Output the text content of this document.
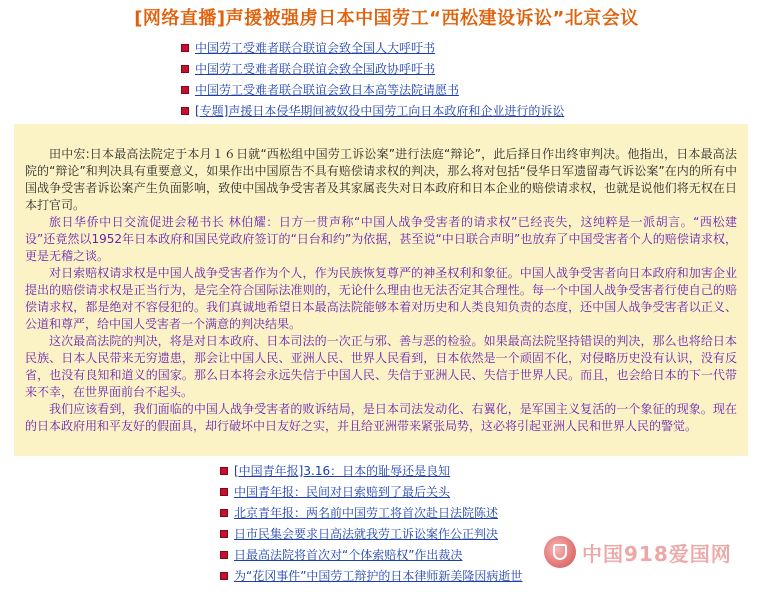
[网络直播]声援被强虏日本中国劳工“西松建设诉讼”北京会议
中国劳工受难者联合联谊会致全国人大呼吁书
中国劳工受难者联合联谊会致全国政协呼吁书
中国劳工受难者联合联谊会致日本高等法院请愿书
[专题]声援日本侵华期间被奴役中国劳工向日本政府和企业进行的诉讼

田中宏:日本最高法院定于本月１６日就“西松组中国劳工诉讼案”进行法庭“辩论”，此后择日作出终审判决。他指出，日本最高法院的“辩论”和判决具有重要意义，如果作出中国原告不具有赔偿请求权的判决，那么将对包括“侵华日军遗留毒气诉讼案”在内的所有中国战争受害者诉讼案产生负面影响，致使中国战争受害者及其家属丧失对日本政府和日本企业的赔偿请求权，也就是说他们将无权在日本打官司。

旅日华侨中日交流促进会秘书长 林伯耀：日方一贯声称“中国人战争受害者的请求权”已经丧失，这纯粹是一派胡言。“西松建设”还竟然以1952年日本政府和国民党政府签订的“日台和约”为依据，甚至说“中日联合声明”也放弃了中国受害者个人的赔偿请求权，更是无稽之谈。

对日索赔权请求权是中国人战争受害者作为个人，作为民族恢复尊严的神圣权利和象征。中国人战争受害者向日本政府和加害企业提出的赔偿请求权是正当行为，是完全符合国际法准则的，无论什么理由也无法否定其合理性。每一个中国人战争受害者行使自己的赔偿请求权，都是绝对不容侵犯的。我们真诚地希望日本最高法院能够本着对历史和人类良知负责的态度，还中国人战争受害者以正义、公道和尊严，给中国人受害者一个满意的判决结果。

这次最高法院的判决，将是对日本政府、日本司法的一次正与邪、善与恶的检验。如果最高法院坚持错误的判决，那么也将给日本民族、日本人民带来无穷遗患，那会让中国人民、亚洲人民、世界人民看到，日本依然是一个顽固不化，对侵略历史没有认识，没有反省，也没有良知和道义的国家。那么日本将会永远失信于中国人民、失信于亚洲人民、失信于世界人民。而且，也会给日本的下一代带来不幸，在世界面前台不起头。

我们应该看到，我们面临的中国人战争受害者的败诉结局，是日本司法发动化、右翼化，是军国主义复活的一个象征的现象。现在的日本政府用和平友好的假面具，却行破坏中日友好之实，并且给亚洲带来紧张局势，这必将引起亚洲人民和世界人民的警觉。

[中国青年报]3.16：日本的耻辱还是良知
中国青年报：民间对日索赔到了最后关头
北京青年报：两名前中国劳工将首次赴日法院陈述
日市民集会要求日高法就我劳工诉讼案作公正判决
日最高法院将首次对“个体索赔权”作出裁决
为“花冈事件”中国劳工辩护的日本律师新美隆因病逝世
中国918爱国网
